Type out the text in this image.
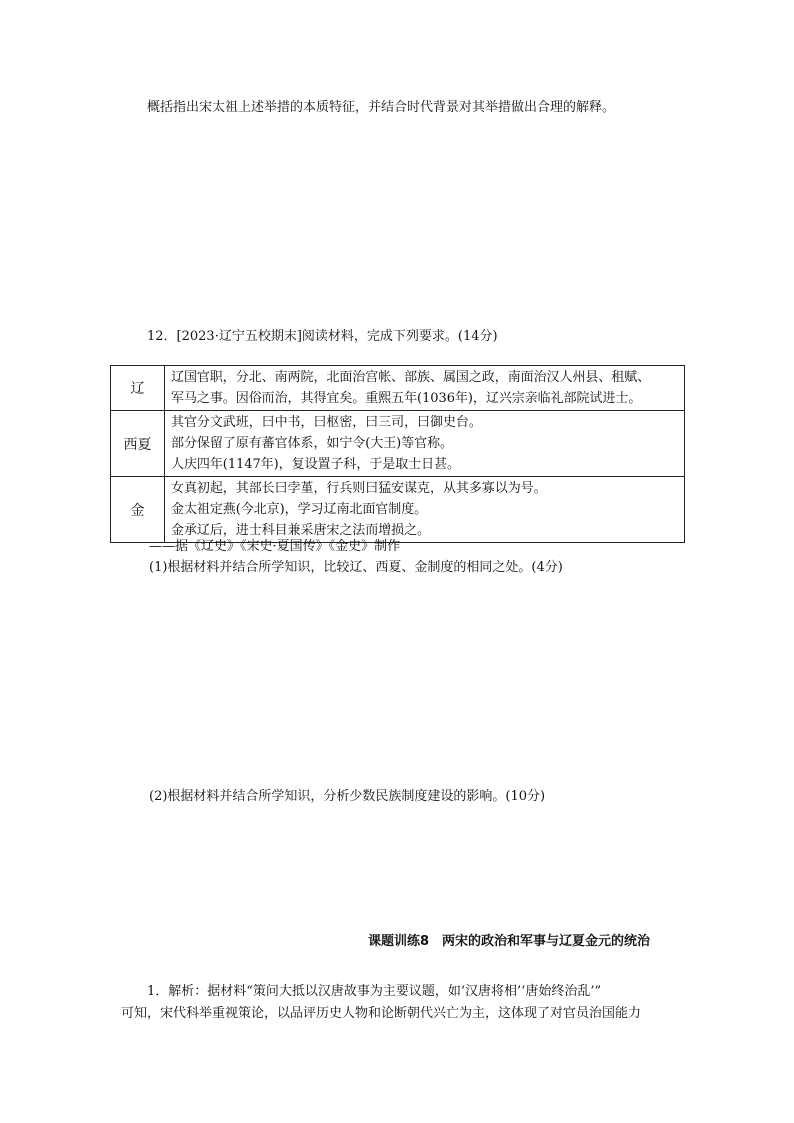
概括指出宋太祖上述举措的本质特征，并结合时代背景对其举措做出合理的解释。
12．[2023·辽宁五校期末]阅读材料，完成下列要求。(14分)
辽	辽国官职，分北、南两院，北面治宫帐、部族、属国之政，南面治汉人州县、租赋、
军马之事。因俗而治，其得宜矣。重熙五年(1036年)，辽兴宗亲临礼部院试进士。

西夏	其官分文武班，曰中书，曰枢密，曰三司，曰御史台。
部分保留了原有蕃官体系，如宁令(大王)等官称。
人庆四年(1147年)，复设置子科，于是取士日甚。

金	女真初起，其部长曰孛堇，行兵则曰猛安谋克，从其多寡以为号。
金太祖定燕(今北京)，学习辽南北面官制度。
金承辽后，进士科目兼采唐宋之法而增损之。
——据《辽史》《宋史·夏国传》《金史》制作
(1)根据材料并结合所学知识，比较辽、西夏、金制度的相同之处。(4分)
(2)根据材料并结合所学知识，分析少数民族制度建设的影响。(10分)
课题训练8　两宋的政治和军事与辽夏金元的统治
1．解析：据材料“策问大抵以汉唐故事为主要议题，如‘汉唐将相’‘唐始终治乱’”
可知，宋代科举重视策论，以品评历史人物和论断朝代兴亡为主，这体现了对官员治国能力
